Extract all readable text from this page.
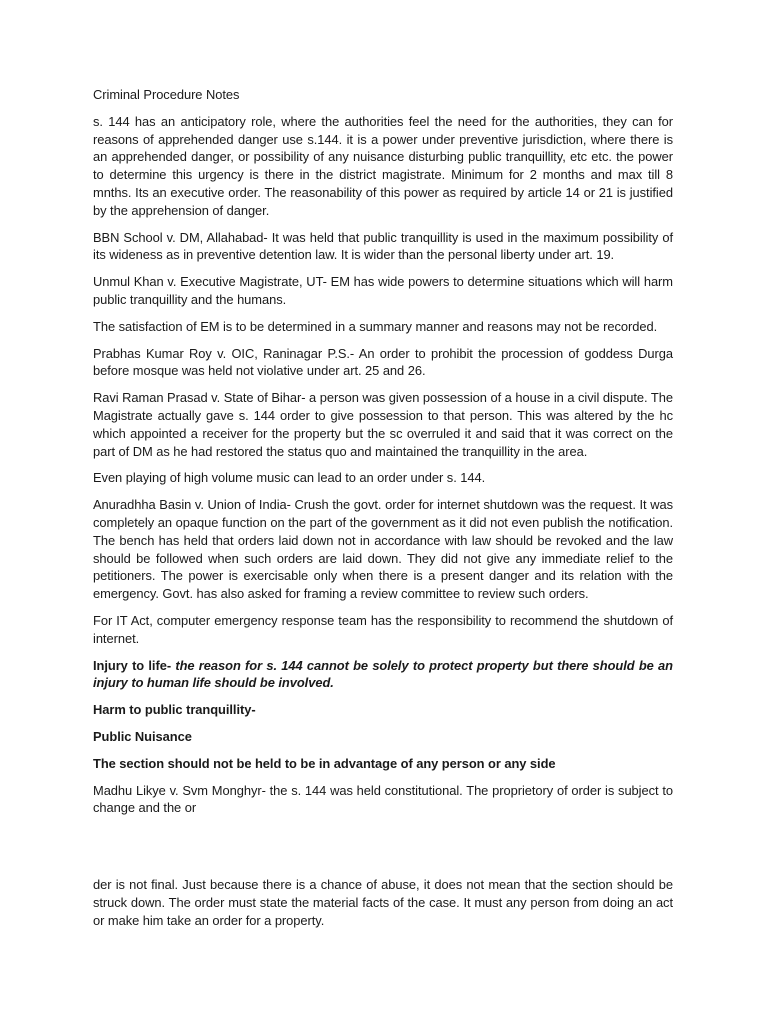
Criminal Procedure Notes

s. 144 has an anticipatory role, where the authorities feel the need for the authorities, they can for reasons of apprehended danger use s.144. it is a power under preventive jurisdiction, where there is an apprehended danger, or possibility of any nuisance disturbing public tranquillity, etc etc. the power to determine this urgency is there in the district magistrate. Minimum for 2 months and max till 8 mnths. Its an executive order. The reasonability of this power as required by article 14 or 21 is justified by the apprehension of danger.

BBN School v. DM, Allahabad- It was held that public tranquillity is used in the maximum possibility of its wideness as in preventive detention law. It is wider than the personal liberty under art. 19.

Unmul Khan v. Executive Magistrate, UT- EM has wide powers to determine situations which will harm public tranquillity and the humans.

The satisfaction of EM is to be determined in a summary manner and reasons may not be recorded.

Prabhas Kumar Roy v. OIC, Raninagar P.S.- An order to prohibit the procession of goddess Durga before mosque was held not violative under art. 25 and 26.

Ravi Raman Prasad v. State of Bihar- a person was given possession of a house in a civil dispute. The Magistrate actually gave s. 144 order to give possession to that person. This was altered by the hc which appointed a receiver for the property but the sc overruled it and said that it was correct on the part of DM as he had restored the status quo and maintained the tranquillity in the area.

Even playing of high volume music can lead to an order under s. 144.

Anuradhha Basin v. Union of India- Crush the govt. order for internet shutdown was the request. It was completely an opaque function on the part of the government as it did not even publish the notification. The bench has held that orders laid down not in accordance with law should be revoked and the law should be followed when such orders are laid down. They did not give any immediate relief to the petitioners. The power is exercisable only when there is a present danger and its relation with the emergency. Govt. has also asked for framing a review committee to review such orders.

For IT Act, computer emergency response team has the responsibility to recommend the shutdown of internet.

Injury to life- the reason for s. 144 cannot be solely to protect property but there should be an injury to human life should be involved.

Harm to public tranquillity-

Public Nuisance

The section should not be held to be in advantage of any person or any side

Madhu Likye v. Svm Monghyr- the s. 144 was held constitutional. The proprietory of order is subject to change and the or

der is not final. Just because there is a chance of abuse, it does not mean that the section should be struck down. The order must state the material facts of the case. It must any person from doing an act or make him take an order for a property.
